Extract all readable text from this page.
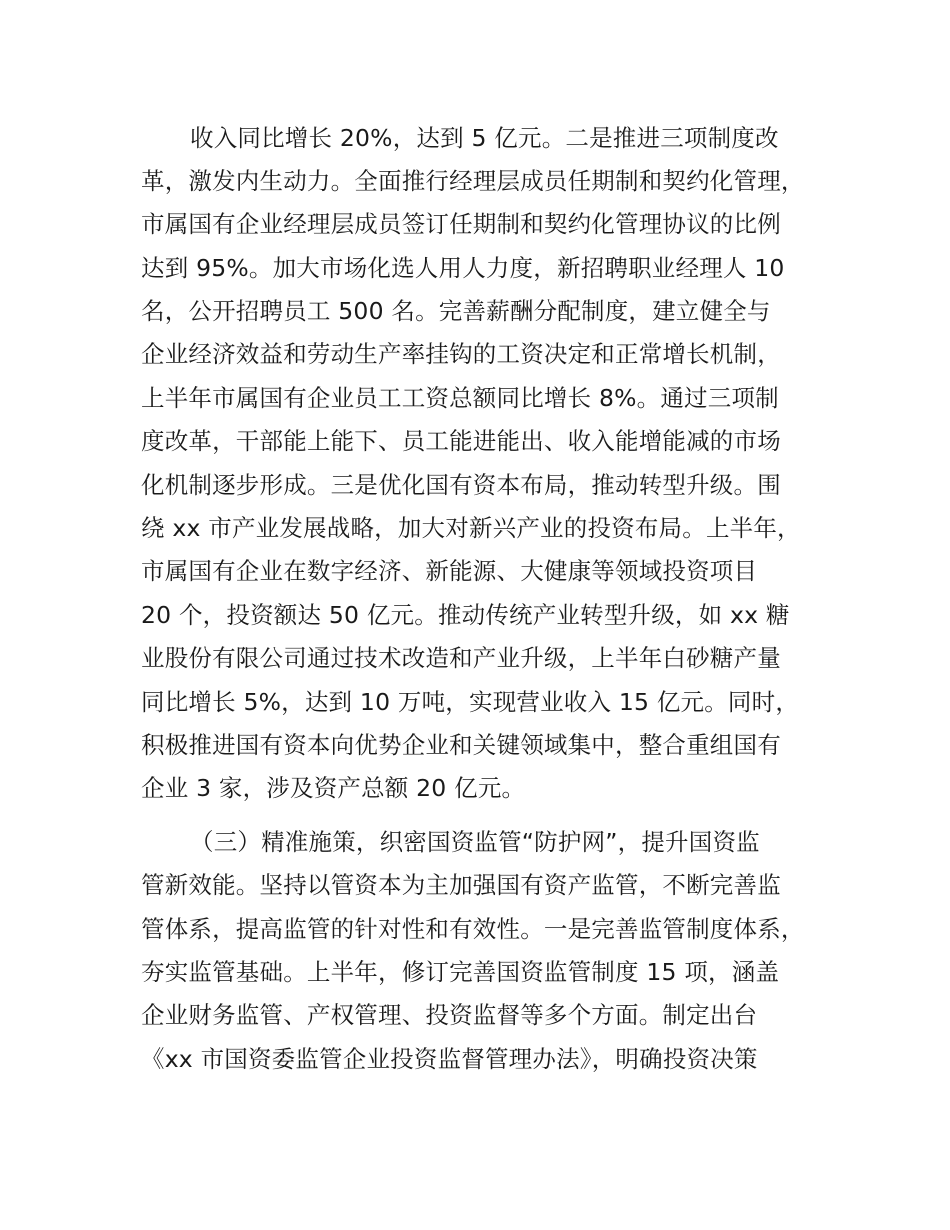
收入同比增长 20%，达到 5 亿元。二是推进三项制度改
革，激发内生动力。全面推行经理层成员任期制和契约化管理，
市属国有企业经理层成员签订任期制和契约化管理协议的比例
达到 95%。加大市场化选人用人力度，新招聘职业经理人 10
名，公开招聘员工 500 名。完善薪酬分配制度，建立健全与
企业经济效益和劳动生产率挂钩的工资决定和正常增长机制，
上半年市属国有企业员工工资总额同比增长 8%。通过三项制
度改革，干部能上能下、员工能进能出、收入能增能减的市场
化机制逐步形成。三是优化国有资本布局，推动转型升级。围
绕 xx 市产业发展战略，加大对新兴产业的投资布局。上半年，
市属国有企业在数字经济、新能源、大健康等领域投资项目
20 个，投资额达 50 亿元。推动传统产业转型升级，如 xx 糖
业股份有限公司通过技术改造和产业升级，上半年白砂糖产量
同比增长 5%，达到 10 万吨，实现营业收入 15 亿元。同时，
积极推进国有资本向优势企业和关键领域集中，整合重组国有
企业 3 家，涉及资产总额 20 亿元。
（三）精准施策，织密国资监管“防护网”，提升国资监
管新效能。坚持以管资本为主加强国有资产监管，不断完善监
管体系，提高监管的针对性和有效性。一是完善监管制度体系，
夯实监管基础。上半年，修订完善国资监管制度 15 项，涵盖
企业财务监管、产权管理、投资监督等多个方面。制定出台
《xx 市国资委监管企业投资监督管理办法》，明确投资决策
